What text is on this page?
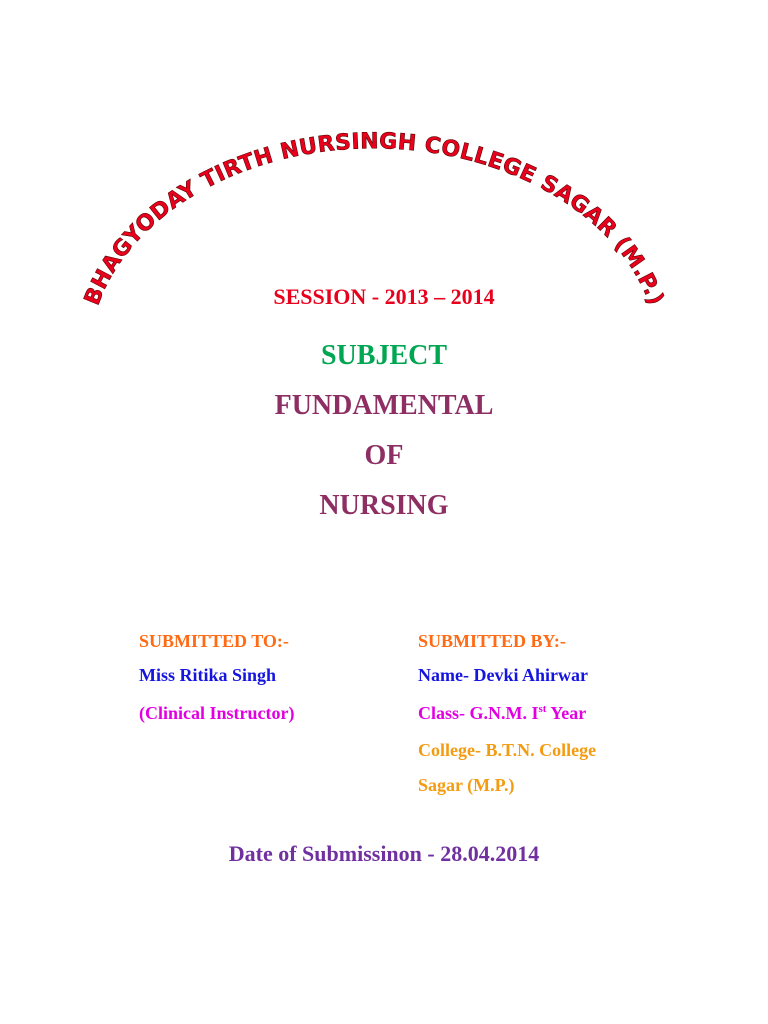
BHAGYODAY TIRTH NURSINGH COLLEGE SAGAR (M.P.)

SESSION - 2013 – 2014

SUBJECT

FUNDAMENTAL

OF

NURSING

SUBMITTED TO:-

Miss Ritika Singh

(Clinical Instructor)

SUBMITTED BY:-

Name- Devki Ahirwar

Class- G.N.M. Ist Year

College- B.T.N. College

Sagar (M.P.)

Date of Submissinon - 28.04.2014
